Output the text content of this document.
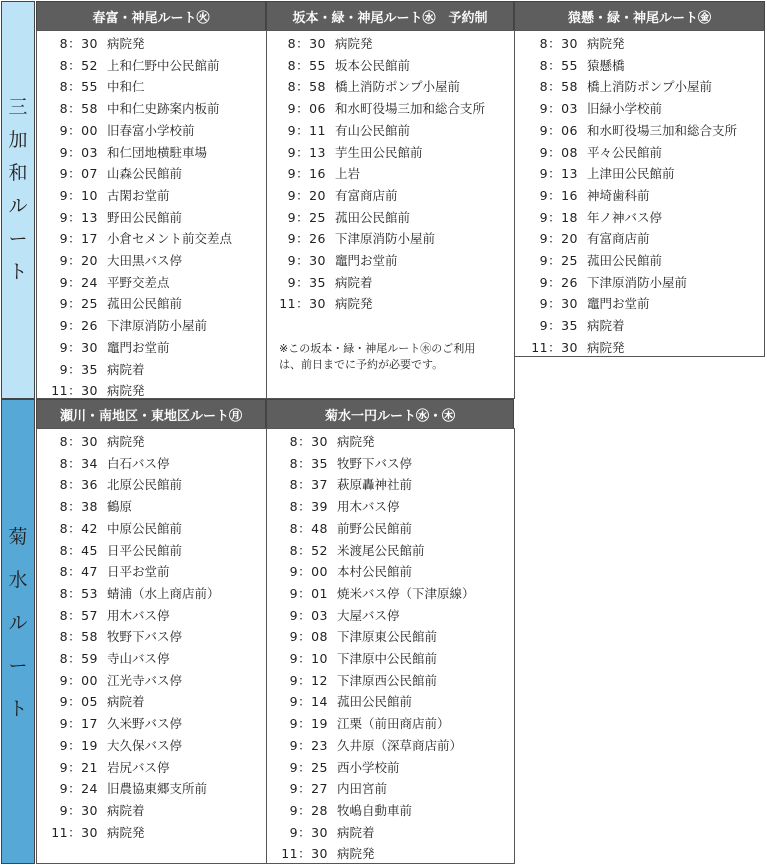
三
加
和
ル
ー
ト
菊
水
ル
ー
ト
春富・神尾ルート㊋	坂本・緑・神尾ルート㊌　予約制	猿懸・緑・神尾ルート㊎
瀬川・南地区・東地区ルート㊊	菊水一円ルート㊌・㊍
8：30 病院発
8：52 上和仁野中公民館前
8：55 中和仁
8：58 中和仁史跡案内板前
9：00 旧春富小学校前
9：03 和仁団地横駐車場
9：07 山森公民館前
9：10 古閑お堂前
9：13 野田公民館前
9：17 小倉セメント前交差点
9：20 大田黒バス停
9：24 平野交差点
9：25 菰田公民館前
9：26 下津原消防小屋前
9：30 竈門お堂前
9：35 病院着
11：30 病院発
※この坂本・緑・神尾ルート㊌のご利用
は、前日までに予約が必要です。
8：30 病院発
8：55 坂本公民館前
8：58 橋上消防ポンプ小屋前
9：06 和水町役場三加和総合支所
9：11 有山公民館前
9：13 芋生田公民館前
9：16 上岩
9：20 有富商店前
9：25 菰田公民館前
9：26 下津原消防小屋前
9：30 竈門お堂前
9：35 病院着
11：30 病院発
8：30 病院発
8：55 猿懸橋
8：58 橋上消防ポンプ小屋前
9：03 旧緑小学校前
9：06 和水町役場三加和総合支所
9：08 平々公民館前
9：13 上津田公民館前
9：16 神埼歯科前
9：18 年ノ神バス停
9：20 有富商店前
9：25 菰田公民館前
9：26 下津原消防小屋前
9：30 竈門お堂前
9：35 病院着
11：30 病院発
8：30 病院発
8：34 白石バス停
8：36 北原公民館前
8：38 鶴原
8：42 中原公民館前
8：45 日平公民館前
8：47 日平お堂前
8：53 蜻浦（水上商店前）
8：57 用木バス停
8：58 牧野下バス停
8：59 寺山バス停
9：00 江光寺バス停
9：05 病院着
9：17 久米野バス停
9：19 大久保バス停
9：21 岩尻バス停
9：24 旧農協東郷支所前
9：30 病院着
11：30 病院発
8：30 病院発
8：35 牧野下バス停
8：37 萩原轟神社前
8：39 用木バス停
8：48 前野公民館前
8：52 米渡尾公民館前
9：00 本村公民館前
9：01 焼米バス停（下津原線）
9：03 大屋バス停
9：08 下津原東公民館前
9：10 下津原中公民館前
9：12 下津原西公民館前
9：14 菰田公民館前
9：19 江栗（前田商店前）
9：23 久井原（深草商店前）
9：25 西小学校前
9：27 内田宮前
9：28 牧嶋自動車前
9：30 病院着
11：30 病院発
